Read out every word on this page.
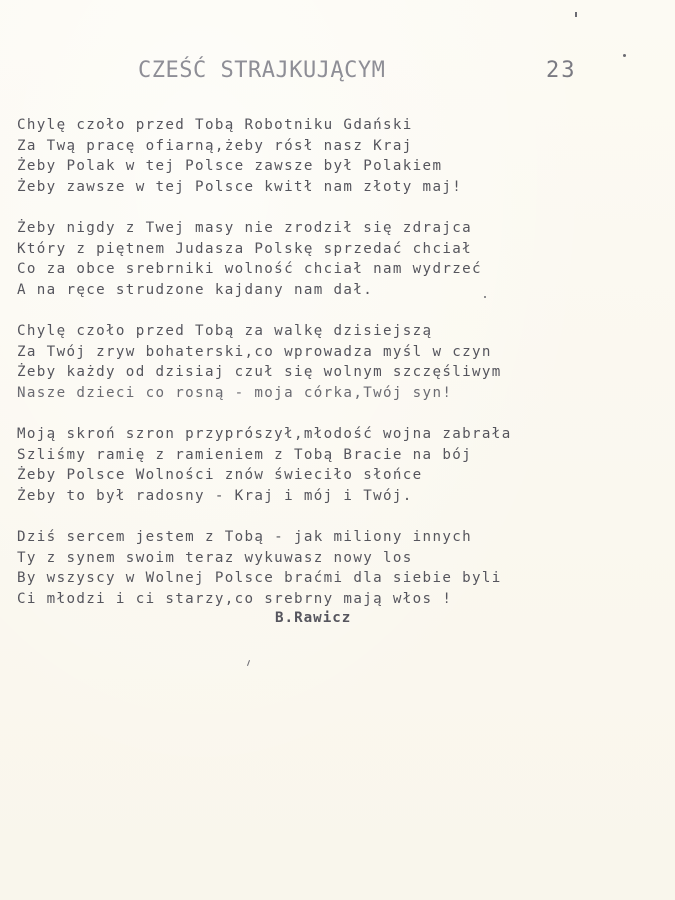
CZEŚĆ STRAJKUJĄCYM	23
Chylę czoło przed Tobą Robotniku Gdański
Za Twą pracę ofiarną,żeby rósł nasz Kraj
Żeby Polak w tej Polsce zawsze był Polakiem
Żeby zawsze w tej Polsce kwitł nam złoty maj!
Żeby nigdy z Twej masy nie zrodził się zdrajca
Który z piętnem Judasza Polskę sprzedać chciał
Co za obce srebrniki wolność chciał nam wydrzeć
A na ręce strudzone kajdany nam dał.
Chylę czoło przed Tobą za walkę dzisiejszą
Za Twój zryw bohaterski,co wprowadza myśl w czyn
Żeby każdy od dzisiaj czuł się wolnym szczęśliwym
Nasze dzieci co rosną - moja córka,Twój syn!
Moją skroń szron przyprószył,młodość wojna zabrała
Szliśmy ramię z ramieniem z Tobą Bracie na bój
Żeby Polsce Wolności znów świeciło słońce
Żeby to był radosny - Kraj i mój i Twój.
Dziś sercem jestem z Tobą - jak miliony innych
Ty z synem swoim teraz wykuwasz nowy los
By wszyscy w Wolnej Polsce braćmi dla siebie byli
Ci młodzi i ci starzy,co srebrny mają włos !
B.Rawicz
